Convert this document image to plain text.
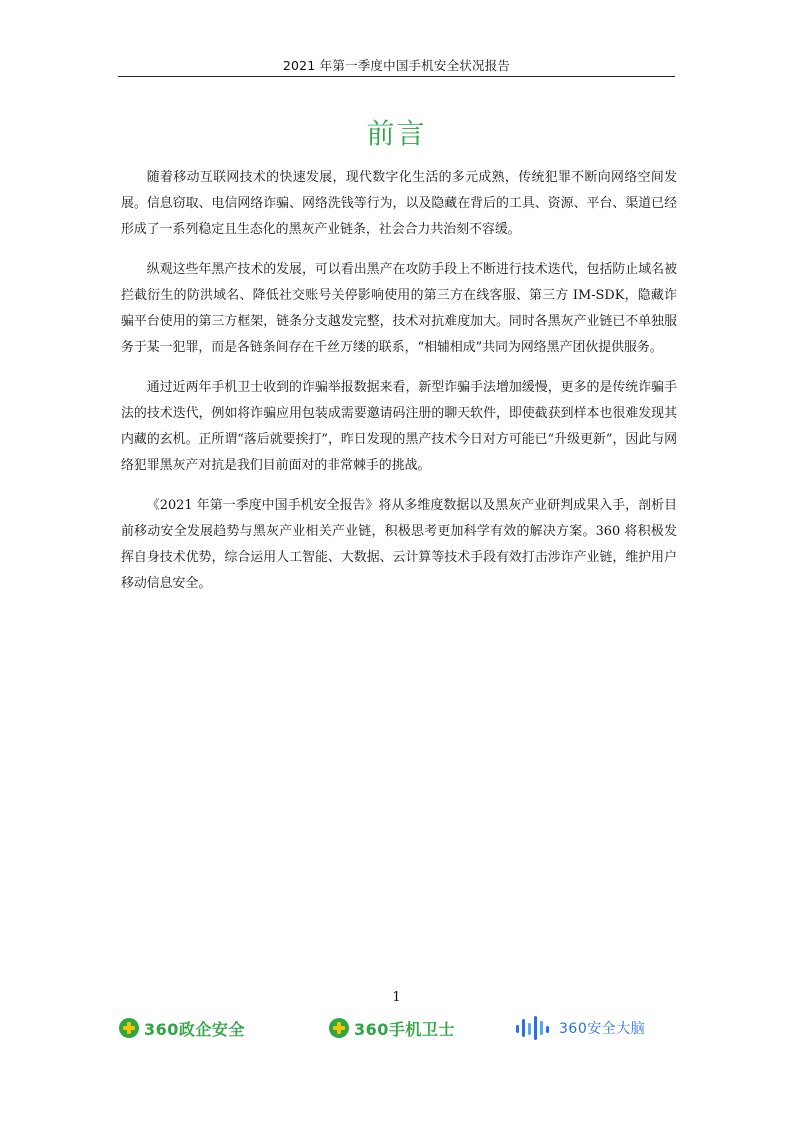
2021 年第一季度中国手机安全状况报告
前言

随着移动互联网技术的快速发展，现代数字化生活的多元成熟，传统犯罪不断向网络空间发展。信息窃取、电信网络诈骗、网络洗钱等行为，以及隐藏在背后的工具、资源、平台、渠道已经形成了一系列稳定且生态化的黑灰产业链条，社会合力共治刻不容缓。

纵观这些年黑产技术的发展，可以看出黑产在攻防手段上不断进行技术迭代，包括防止域名被拦截衍生的防洪域名、降低社交账号关停影响使用的第三方在线客服、第三方 IM-SDK，隐藏诈骗平台使用的第三方框架，链条分支越发完整，技术对抗难度加大。同时各黑灰产业链已不单独服务于某一犯罪，而是各链条间存在千丝万缕的联系，“相辅相成”共同为网络黑产团伙提供服务。

通过近两年手机卫士收到的诈骗举报数据来看，新型诈骗手法增加缓慢，更多的是传统诈骗手法的技术迭代，例如将诈骗应用包装成需要邀请码注册的聊天软件，即使截获到样本也很难发现其内藏的玄机。正所谓“落后就要挨打”，昨日发现的黑产技术今日对方可能已“升级更新”，因此与网络犯罪黑灰产对抗是我们目前面对的非常棘手的挑战。

《2021 年第一季度中国手机安全报告》将从多维度数据以及黑灰产业研判成果入手，剖析目前移动安全发展趋势与黑灰产业相关产业链，积极思考更加科学有效的解决方案。360 将积极发挥自身技术优势，综合运用人工智能、大数据、云计算等技术手段有效打击涉诈产业链，维护用户移动信息安全。

1
360政企安全	360手机卫士	360安全大脑
